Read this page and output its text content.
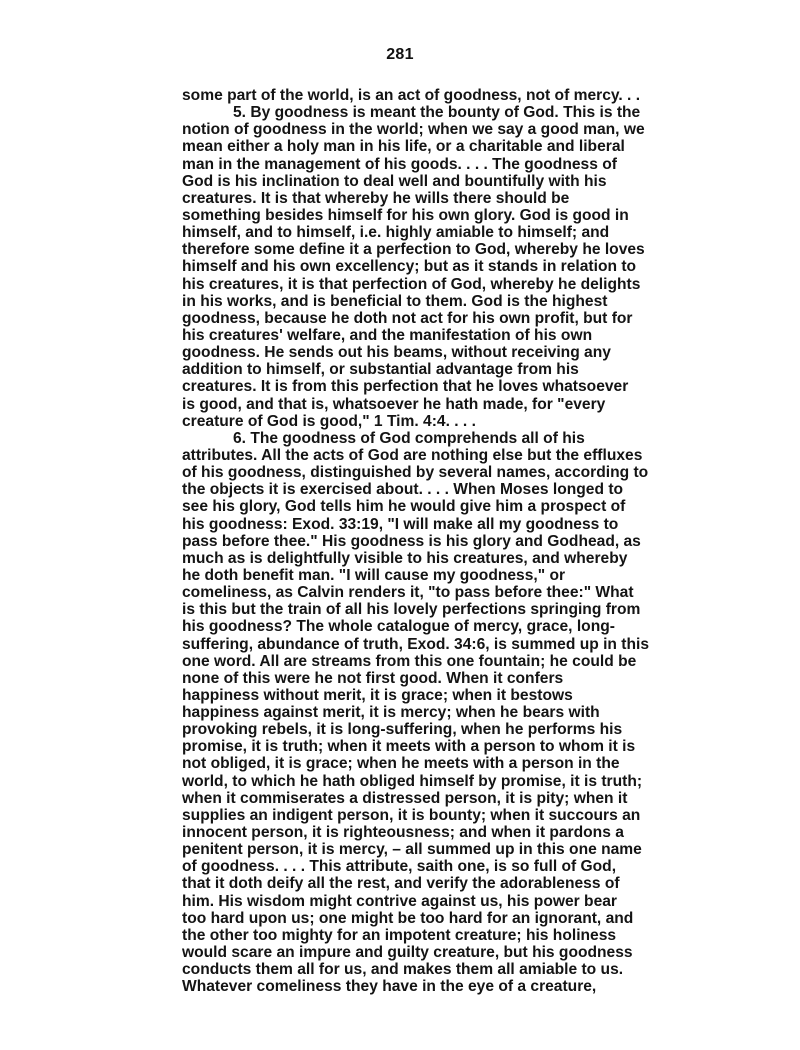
281
some part of the world, is an act of goodness, not of mercy. . .
5. By goodness is meant the bounty of God. This is the
notion of goodness in the world; when we say a good man, we
mean either a holy man in his life, or a charitable and liberal
man in the management of his goods. . . . The goodness of
God is his inclination to deal well and bountifully with his
creatures. It is that whereby he wills there should be
something besides himself for his own glory. God is good in
himself, and to himself, i.e. highly amiable to himself; and
therefore some define it a perfection to God, whereby he loves
himself and his own excellency; but as it stands in relation to
his creatures, it is that perfection of God, whereby he delights
in his works, and is beneficial to them. God is the highest
goodness, because he doth not act for his own profit, but for
his creatures' welfare, and the manifestation of his own
goodness. He sends out his beams, without receiving any
addition to himself, or substantial advantage from his
creatures. It is from this perfection that he loves whatsoever
is good, and that is, whatsoever he hath made, for "every
creature of God is good," 1 Tim. 4:4. . . .
6. The goodness of God comprehends all of his
attributes. All the acts of God are nothing else but the effluxes
of his goodness, distinguished by several names, according to
the objects it is exercised about. . . . When Moses longed to
see his glory, God tells him he would give him a prospect of
his goodness: Exod. 33:19, "I will make all my goodness to
pass before thee." His goodness is his glory and Godhead, as
much as is delightfully visible to his creatures, and whereby
he doth benefit man. "I will cause my goodness," or
comeliness, as Calvin renders it, "to pass before thee:" What
is this but the train of all his lovely perfections springing from
his goodness? The whole catalogue of mercy, grace, long-
suffering, abundance of truth, Exod. 34:6, is summed up in this
one word. All are streams from this one fountain; he could be
none of this were he not first good. When it confers
happiness without merit, it is grace; when it bestows
happiness against merit, it is mercy; when he bears with
provoking rebels, it is long-suffering, when he performs his
promise, it is truth; when it meets with a person to whom it is
not obliged, it is grace; when he meets with a person in the
world, to which he hath obliged himself by promise, it is truth;
when it commiserates a distressed person, it is pity; when it
supplies an indigent person, it is bounty; when it succours an
innocent person, it is righteousness; and when it pardons a
penitent person, it is mercy, – all summed up in this one name
of goodness. . . . This attribute, saith one, is so full of God,
that it doth deify all the rest, and verify the adorableness of
him. His wisdom might contrive against us, his power bear
too hard upon us; one might be too hard for an ignorant, and
the other too mighty for an impotent creature; his holiness
would scare an impure and guilty creature, but his goodness
conducts them all for us, and makes them all amiable to us.
Whatever comeliness they have in the eye of a creature,
